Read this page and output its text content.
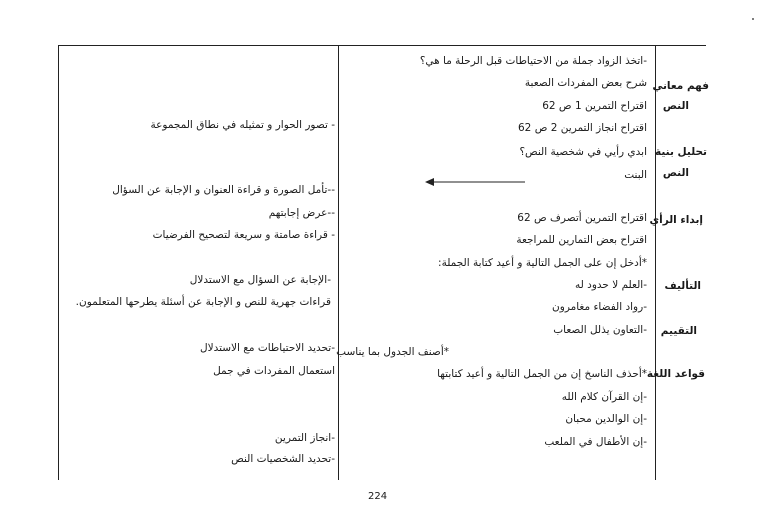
فهم معاني
النص
تحليل بنية
النص
إبداء الرأي
التأليف
التقييم
قواعد اللغة
-اتخذ الزواد جملة من الاحتياطات قبل الرحلة ما هي؟
شرح بعض المفردات الصعبة
اقتراح التمرين 1 ص 62
اقتراح انجاز التمرين 2 ص 62
ابدي رأيي في شخصية النص؟
البنت
اقتراح التمرين أتصرف ص 62
اقتراح بعض التمارين للمراجعة
*أدخل إن على الجمل التالية و أعيد كتابة الجملة:
-العلم لا حدود له
-رواد الفضاء مغامرون
-التعاون يذلل الصعاب
*أصنف الجدول بما يناسب
*أحذف الناسخ إن من الجمل التالية و أعيد كتابتها
-إن القرآن كلام الله
-إن الوالدين محبان
-إن الأطفال في الملعب
- تصور الحوار و تمثيله في نطاق المجموعة
--تأمل الصورة و قراءة العنوان و الإجابة عن السؤال
--عرض إجابتهم
- قراءة صامتة و سريعة لتصحيح الفرضيات
-الإجابة عن السؤال مع الاستدلال
قراءات جهرية للنص و الإجابة عن أسئلة يطرحها المتعلمون.
-تحديد الاحتياطات مع الاستدلال
استعمال المفردات في جمل
-انجاز التمرين
-تحديد الشخصيات النص
224
